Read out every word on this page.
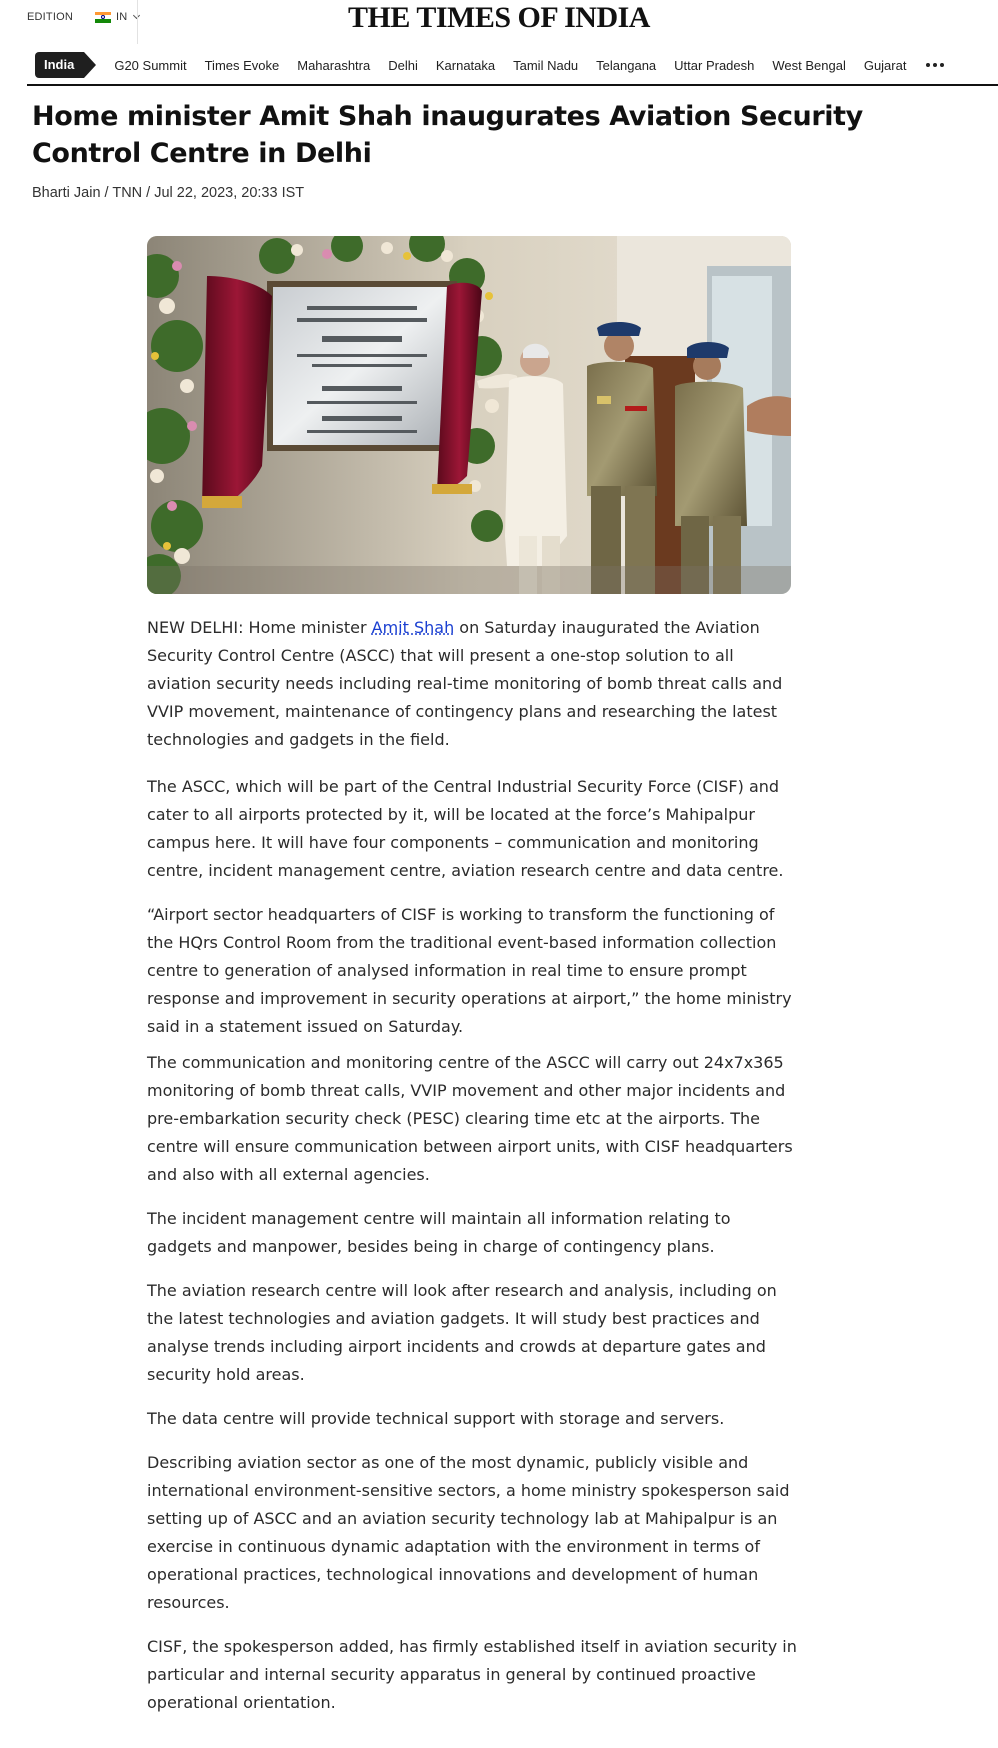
EDITION	IN	THE TIMES OF INDIA
India	G20 Summit Times Evoke Maharashtra Delhi Karnataka Tamil Nadu Telangana Uttar Pradesh West Bengal Gujarat
Home minister Amit Shah inaugurates Aviation Security Control Centre in Delhi
Bharti Jain / TNN / Jul 22, 2023, 20:33 IST

NEW DELHI: Home minister Amit Shah on Saturday inaugurated the Aviation Security Control Centre (ASCC) that will present a one-stop solution to all aviation security needs including real-time monitoring of bomb threat calls and VVIP movement, maintenance of contingency plans and researching the latest technologies and gadgets in the field.

The ASCC, which will be part of the Central Industrial Security Force (CISF) and cater to all airports protected by it, will be located at the force’s Mahipalpur campus here. It will have four components – communication and monitoring centre, incident management centre, aviation research centre and data centre.

“Airport sector headquarters of CISF is working to transform the functioning of the HQrs Control Room from the traditional event-based information collection centre to generation of analysed information in real time to ensure prompt response and improvement in security operations at airport,” the home ministry said in a statement issued on Saturday.

The communication and monitoring centre of the ASCC will carry out 24x7x365 monitoring of bomb threat calls, VVIP movement and other major incidents and pre-embarkation security check (PESC) clearing time etc at the airports. The centre will ensure communication between airport units, with CISF headquarters and also with all external agencies.

The incident management centre will maintain all information relating to gadgets and manpower, besides being in charge of contingency plans.

The aviation research centre will look after research and analysis, including on the latest technologies and aviation gadgets. It will study best practices and analyse trends including airport incidents and crowds at departure gates and security hold areas.

The data centre will provide technical support with storage and servers.

Describing aviation sector as one of the most dynamic, publicly visible and international environment-sensitive sectors, a home ministry spokesperson said setting up of ASCC and an aviation security technology lab at Mahipalpur is an exercise in continuous dynamic adaptation with the environment in terms of operational practices, technological innovations and development of human resources.

CISF, the spokesperson added, has firmly established itself in aviation security in particular and internal security apparatus in general by continued proactive operational orientation.
